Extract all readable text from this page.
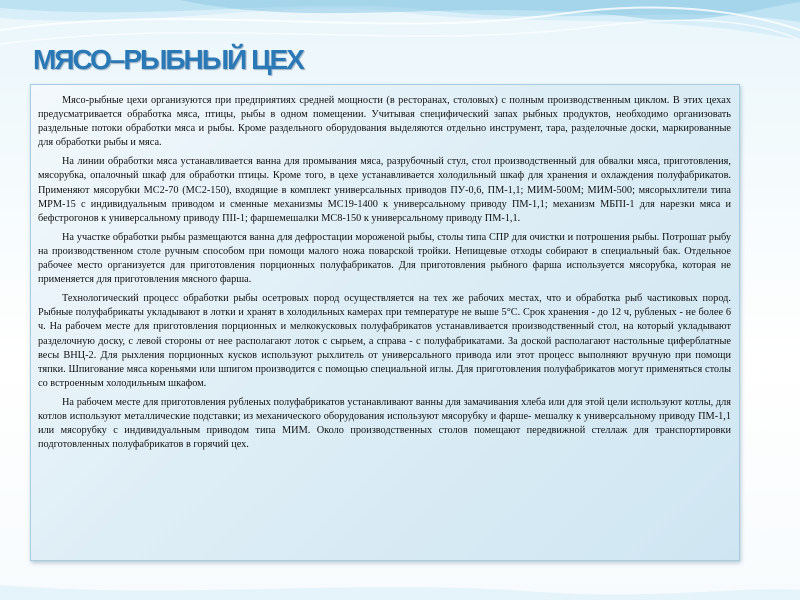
МЯСО–РЫБНЫЙ ЦЕХ

Мясо-рыбные цехи организуются при предприятиях средней мощности (в ресторанах, столовых) с полным производственным циклом. В этих цехах предусматривается обработка мяса, птицы, рыбы в одном помещении. Учитывая специфический запах рыбных продуктов, необходимо организовать раздельные потоки обработки мяса и рыбы. Кроме раздельного оборудования выделяются отдельно инструмент, тара, разделочные доски, маркированные для обработки рыбы и мяса.

На линии обработки мяса устанавливается ванна для промывания мяса, разрубочный стул, стол производственный для обвалки мяса, приготовления, мясорубка, опалочный шкаф для обработки птицы. Кроме того, в цехе устанавливается холодильный шкаф для хранения и охлаждения полуфабрикатов. Применяют мясорубки МС2-70 (МС2-150), входящие в комплект универсальных приводов ПУ-0,6, ПМ-1,1; МИМ-500М; МИМ-500; мясорыхлители типа МРМ-15 с индивидуальным приводом и сменные механизмы МС19-1400 к универсальному приводу ПМ-1,1; механизм МБПI-1 для нарезки мяса и бефстрогонов к универсальному приводу ПII-1; фаршемешалки МС8-150 к универсальному приводу ПМ-1,1.

На участке обработки рыбы размещаются ванна для дефростации мороженой рыбы, столы типа СПР для очистки и потрошения рыбы. Потрошат рыбу на производственном столе ручным способом при помощи малого ножа поварской тройки. Непищевые отходы собирают в специальный бак. Отдельное рабочее место организуется для приготовления порционных полуфабрикатов. Для приготовления рыбного фарша используется мясорубка, которая не применяется для приготовления мясного фарша.

Технологический процесс обработки рыбы осетровых пород осуществляется на тех же рабочих местах, что и обработка рыб частиковых пород. Рыбные полуфабрикаты укладывают в лотки и хранят в холодильных камерах при температуре не выше 5°С. Срок хранения - до 12 ч, рубленых - не более 6 ч. На рабочем месте для приготовления порционных и мелкокусковых полуфабрикатов устанавливается производственный стол, на который укладывают разделочную доску, с левой стороны от нее располагают лоток с сырьем, а справа - с полуфабрикатами. За доской располагают настольные циферблатные весы ВНЦ-2. Для рыхления порционных кусков используют рыхлитель от универсального привода или этот процесс выполняют вручную при помощи тяпки. Шпигование мяса кореньями или шпигом производится с помощью специальной иглы. Для приготовления полуфабрикатов могут применяться столы со встроенным холодильным шкафом.

На рабочем месте для приготовления рубленых полуфабрикатов устанавливают ванны для замачивания хлеба или для этой цели используют котлы, для котлов используют металлические подставки; из механического оборудования используют мясорубку и фарше- мешалку к универсальному приводу ПМ-1,1 или мясорубку с индивидуальным приводом типа МИМ. Около производственных столов помещают передвижной стеллаж для транспортировки подготовленных полуфабрикатов в горячий цех.
